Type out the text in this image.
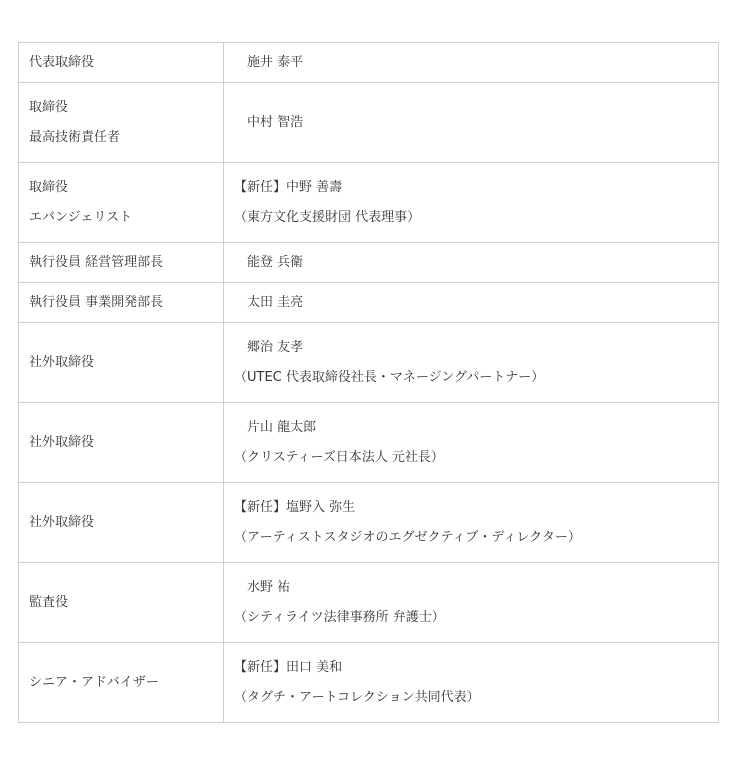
代表取締役	　施井 泰平

取締役
最高技術責任者	　中村 智浩

取締役
エバンジェリスト	【新任】中野 善壽
（東方文化支援財団 代表理事）

執行役員 経営管理部長	　能登 兵衛

執行役員 事業開発部長	　太田 圭亮

社外取締役	　郷治 友孝
（UTEC 代表取締役社長・マネージングパートナー）

社外取締役	　片山 龍太郎
（クリスティーズ日本法人 元社長）

社外取締役	【新任】塩野入 弥生
（アーティストスタジオのエグゼクティブ・ディレクター）

監査役	　水野 祐
（シティライツ法律事務所 弁護士）

シニア・アドバイザー	【新任】田口 美和
（タグチ・アートコレクション共同代表）
